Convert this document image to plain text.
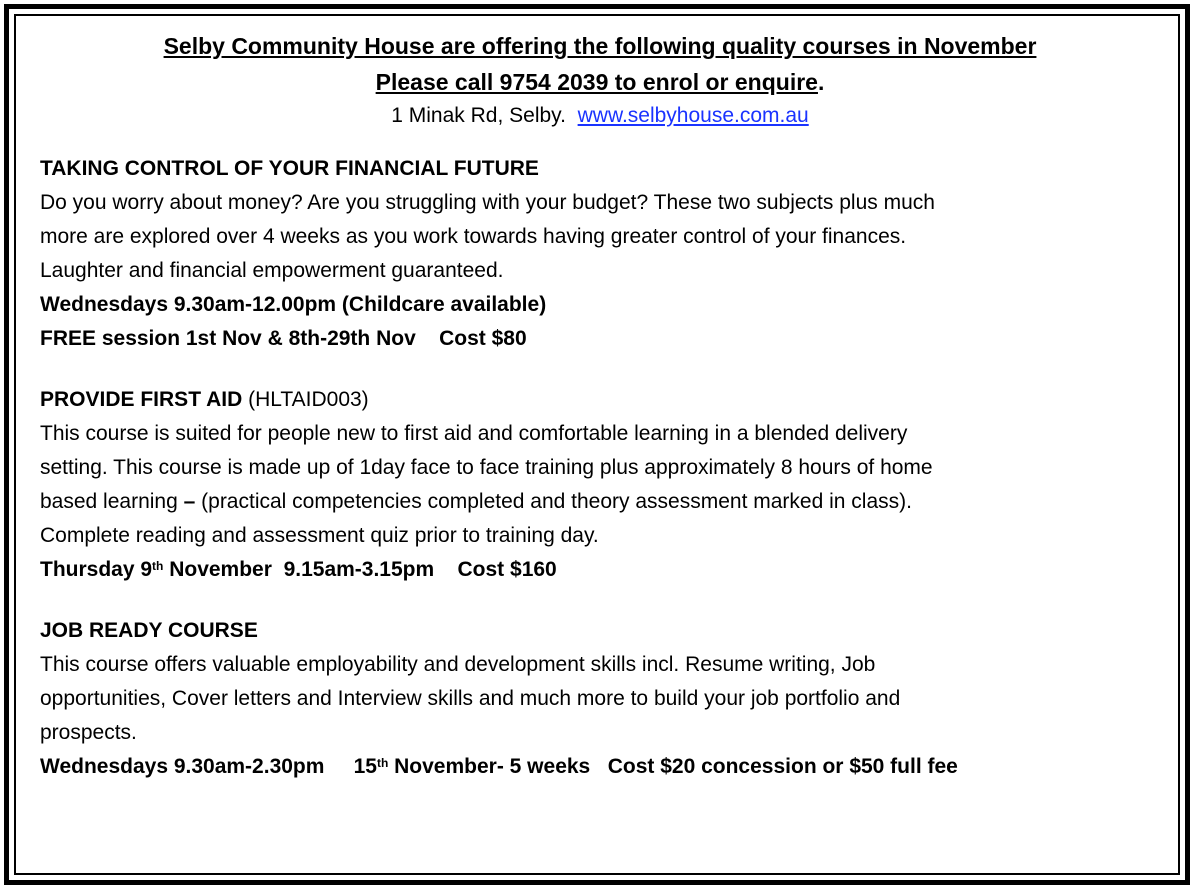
Selby Community House are offering the following quality courses in November
Please call 9754 2039 to enrol or enquire.
1 Minak Rd, Selby. www.selbyhouse.com.au
TAKING CONTROL OF YOUR FINANCIAL FUTURE
Do you worry about money? Are you struggling with your budget? These two subjects plus much
more are explored over 4 weeks as you work towards having greater control of your finances.
Laughter and financial empowerment guaranteed.
Wednesdays 9.30am-12.00pm (Childcare available)
FREE session 1st Nov & 8th-29th Nov    Cost $80
PROVIDE FIRST AID (HLTAID003)
This course is suited for people new to first aid and comfortable learning in a blended delivery
setting. This course is made up of 1day face to face training plus approximately 8 hours of home
based learning – (practical competencies completed and theory assessment marked in class).
Complete reading and assessment quiz prior to training day.
Thursday 9th November  9.15am-3.15pm    Cost $160
JOB READY COURSE
This course offers valuable employability and development skills incl. Resume writing, Job
opportunities, Cover letters and Interview skills and much more to build your job portfolio and
prospects.
Wednesdays 9.30am-2.30pm     15th November- 5 weeks   Cost $20 concession or $50 full fee
